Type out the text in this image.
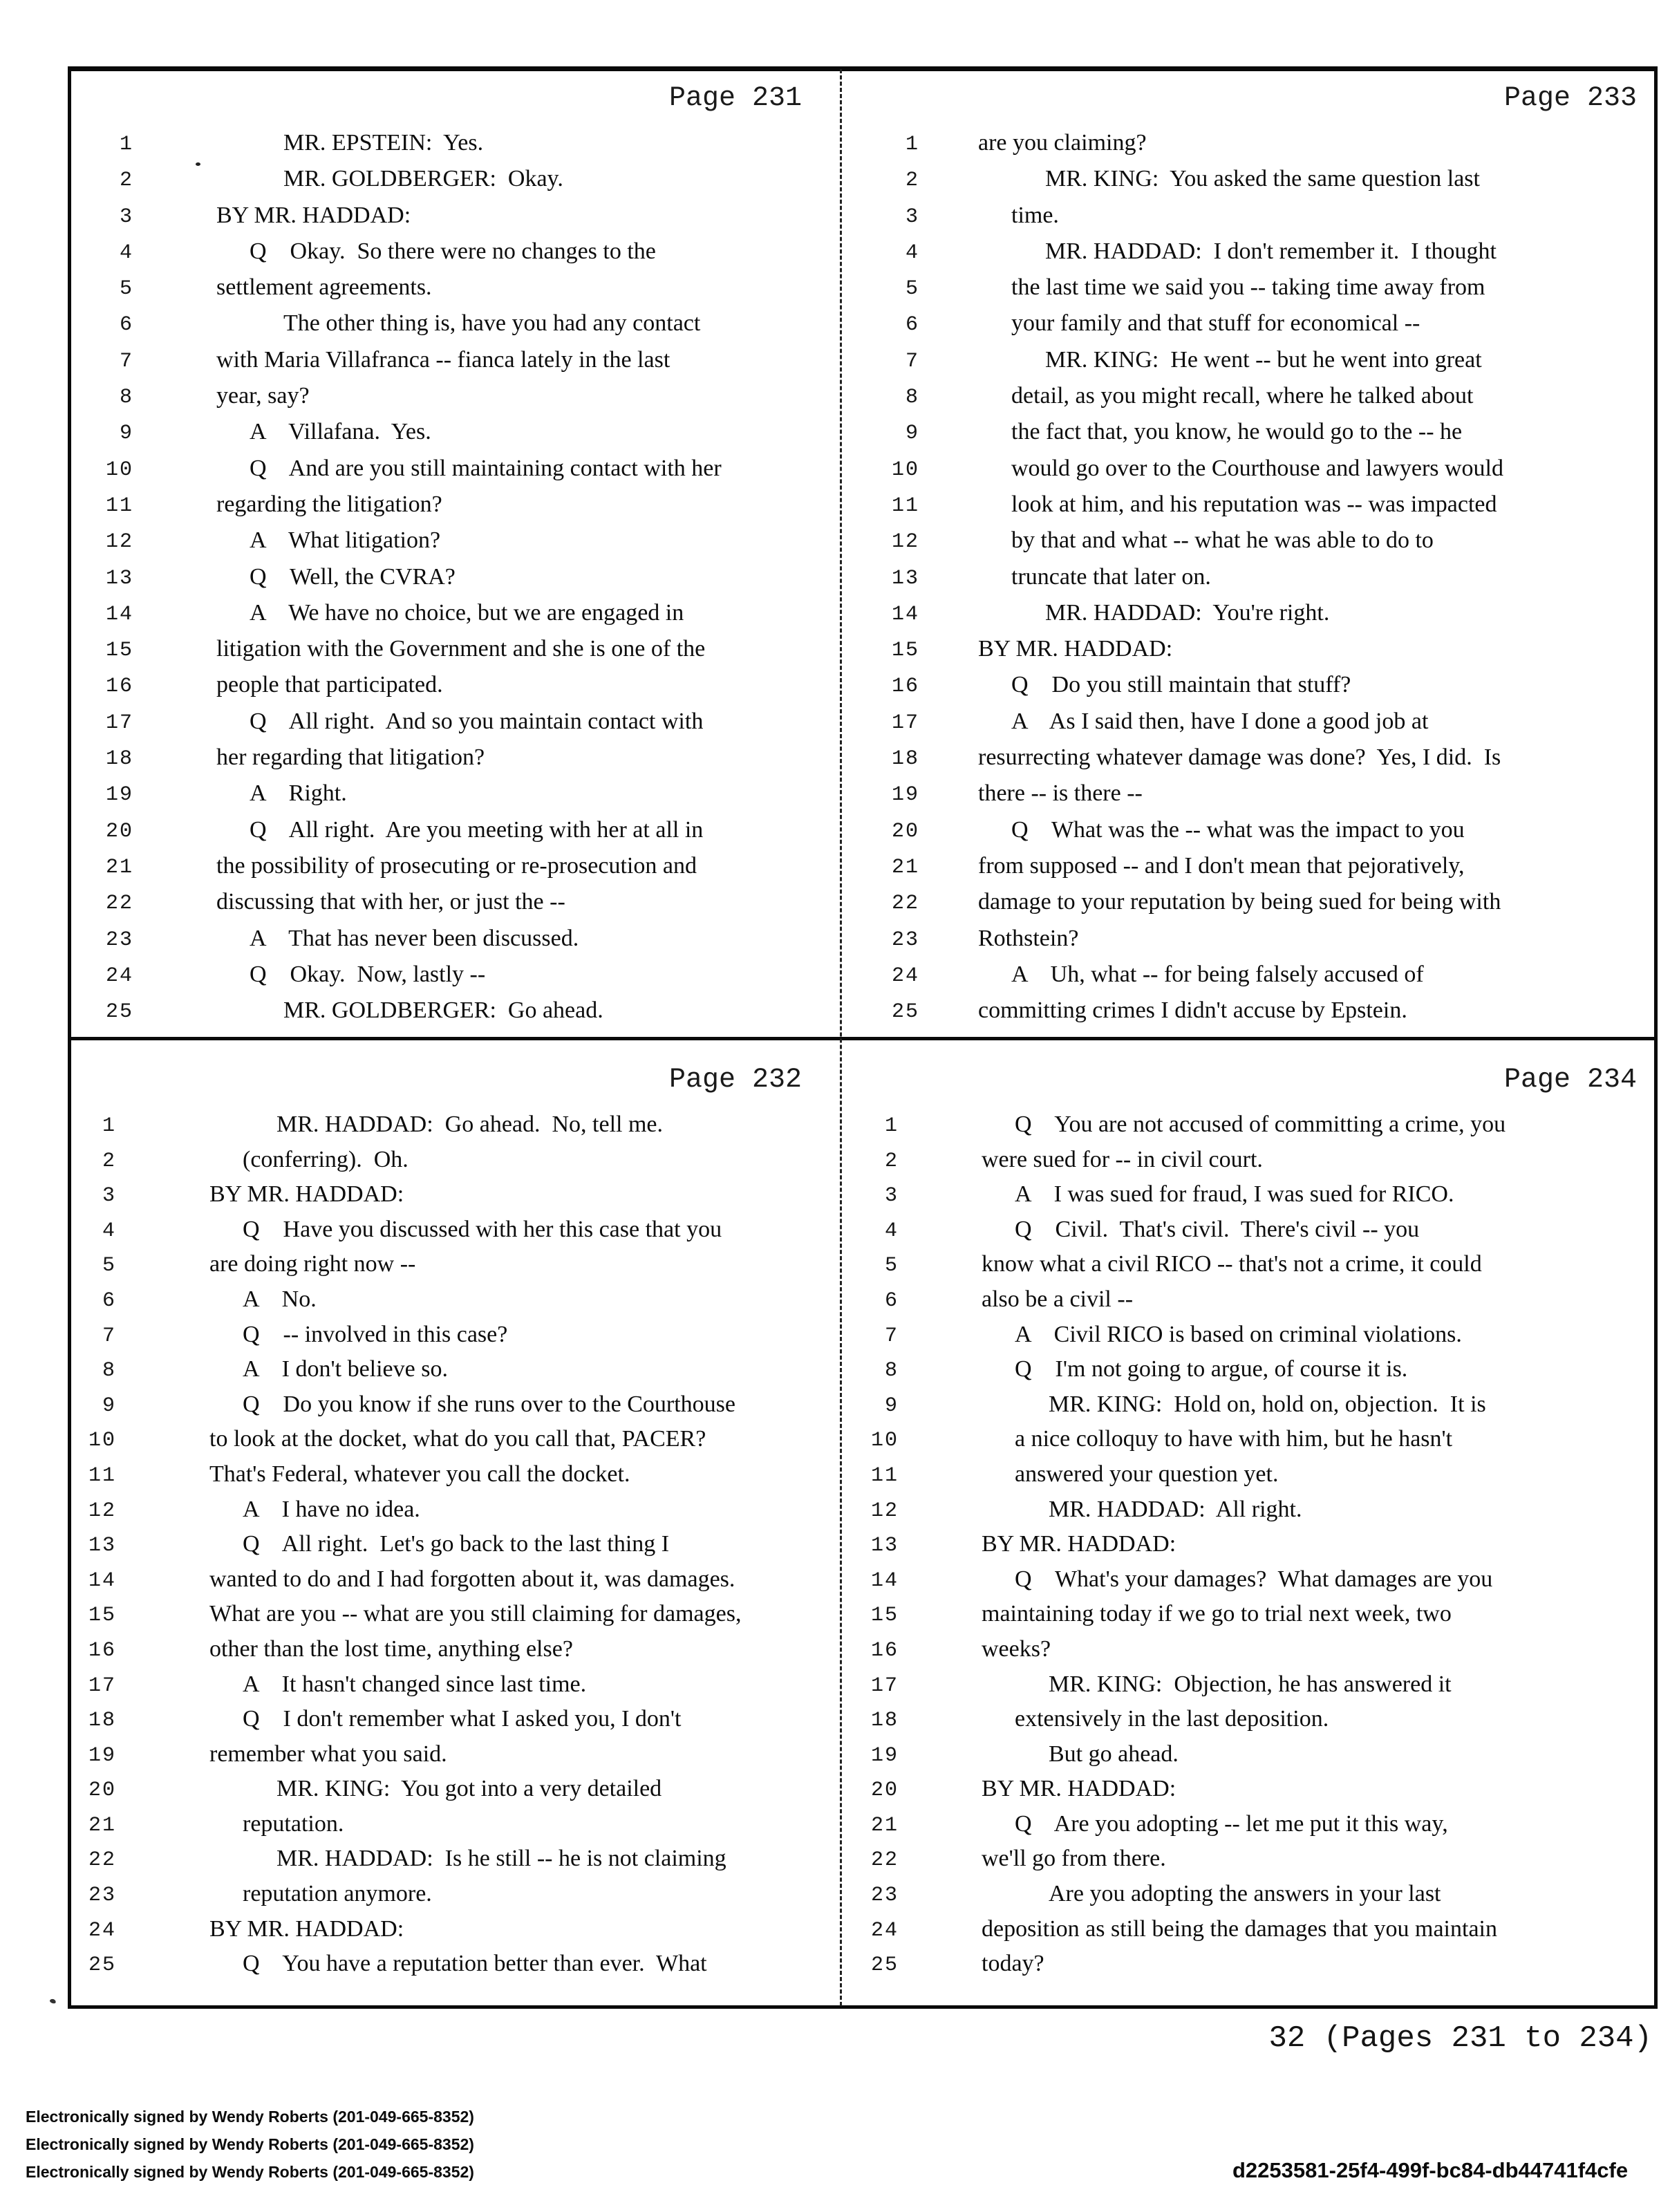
Page 231
1	MR. EPSTEIN:  Yes.
2	MR. GOLDBERGER:  Okay.
3	BY MR. HADDAD:
4	Q    Okay.  So there were no changes to the
5	settlement agreements.
6	The other thing is, have you had any contact
7	with Maria Villafranca -- fianca lately in the last
8	year, say?
9	A    Villafana.  Yes.
10	Q    And are you still maintaining contact with her
11	regarding the litigation?
12	A    What litigation?
13	Q    Well, the CVRA?
14	A    We have no choice, but we are engaged in
15	litigation with the Government and she is one of the
16	people that participated.
17	Q    All right.  And so you maintain contact with
18	her regarding that litigation?
19	A    Right.
20	Q    All right.  Are you meeting with her at all in
21	the possibility of prosecuting or re-prosecution and
22	discussing that with her, or just the --
23	A    That has never been discussed.
24	Q    Okay.  Now, lastly --
25	MR. GOLDBERGER:  Go ahead.
Page 233
1	are you claiming?
2	MR. KING:  You asked the same question last
3	time.
4	MR. HADDAD:  I don't remember it.  I thought
5	the last time we said you -- taking time away from
6	your family and that stuff for economical --
7	MR. KING:  He went -- but he went into great
8	detail, as you might recall, where he talked about
9	the fact that, you know, he would go to the -- he
10	would go over to the Courthouse and lawyers would
11	look at him, and his reputation was -- was impacted
12	by that and what -- what he was able to do to
13	truncate that later on.
14	MR. HADDAD:  You're right.
15	BY MR. HADDAD:
16	Q    Do you still maintain that stuff?
17	A    As I said then, have I done a good job at
18	resurrecting whatever damage was done?  Yes, I did.  Is
19	there -- is there --
20	Q    What was the -- what was the impact to you
21	from supposed -- and I don't mean that pejoratively,
22	damage to your reputation by being sued for being with
23	Rothstein?
24	A    Uh, what -- for being falsely accused of
25	committing crimes I didn't accuse by Epstein.
Page 232
1	MR. HADDAD:  Go ahead.  No, tell me.
2	(conferring).  Oh.
3	BY MR. HADDAD:
4	Q    Have you discussed with her this case that you
5	are doing right now --
6	A    No.
7	Q    -- involved in this case?
8	A    I don't believe so.
9	Q    Do you know if she runs over to the Courthouse
10	to look at the docket, what do you call that, PACER?
11	That's Federal, whatever you call the docket.
12	A    I have no idea.
13	Q    All right.  Let's go back to the last thing I
14	wanted to do and I had forgotten about it, was damages.
15	What are you -- what are you still claiming for damages,
16	other than the lost time, anything else?
17	A    It hasn't changed since last time.
18	Q    I don't remember what I asked you, I don't
19	remember what you said.
20	MR. KING:  You got into a very detailed
21	reputation.
22	MR. HADDAD:  Is he still -- he is not claiming
23	reputation anymore.
24	BY MR. HADDAD:
25	Q    You have a reputation better than ever.  What
Page 234
1	Q    You are not accused of committing a crime, you
2	were sued for -- in civil court.
3	A    I was sued for fraud, I was sued for RICO.
4	Q    Civil.  That's civil.  There's civil -- you
5	know what a civil RICO -- that's not a crime, it could
6	also be a civil --
7	A    Civil RICO is based on criminal violations.
8	Q    I'm not going to argue, of course it is.
9	MR. KING:  Hold on, hold on, objection.  It is
10	a nice colloquy to have with him, but he hasn't
11	answered your question yet.
12	MR. HADDAD:  All right.
13	BY MR. HADDAD:
14	Q    What's your damages?  What damages are you
15	maintaining today if we go to trial next week, two
16	weeks?
17	MR. KING:  Objection, he has answered it
18	extensively in the last deposition.
19	But go ahead.
20	BY MR. HADDAD:
21	Q    Are you adopting -- let me put it this way,
22	we'll go from there.
23	Are you adopting the answers in your last
24	deposition as still being the damages that you maintain
25	today?
32 (Pages 231 to 234)
Electronically signed by Wendy Roberts (201-049-665-8352)
Electronically signed by Wendy Roberts (201-049-665-8352)
Electronically signed by Wendy Roberts (201-049-665-8352)	d2253581-25f4-499f-bc84-db44741f4cfe
